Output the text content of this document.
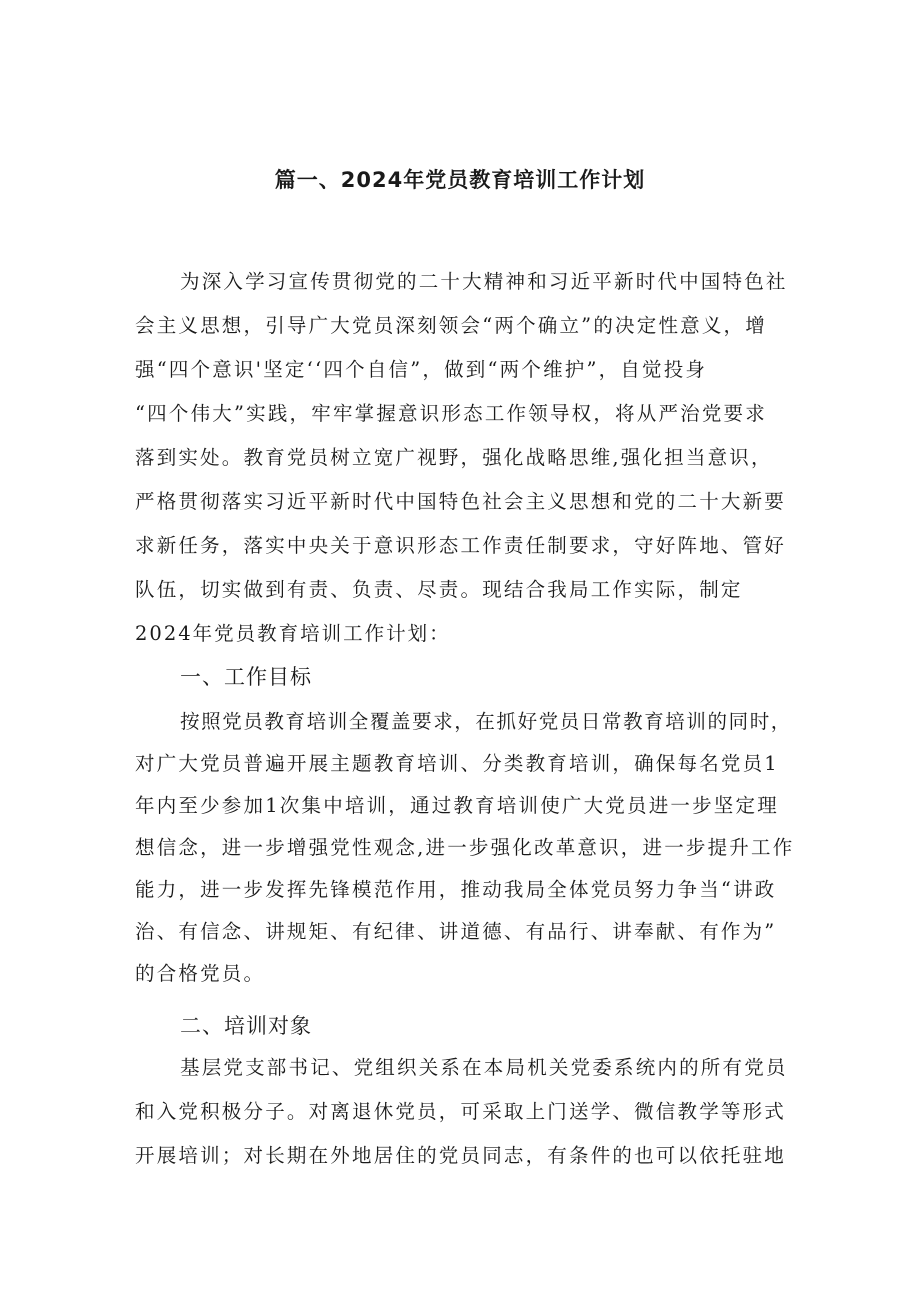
篇一、2024年党员教育培训工作计划
为深入学习宣传贯彻党的二十大精神和习近平新时代中国特色社
会主义思想，引导广大党员深刻领会“两个确立”的决定性意义，增
强“四个意识'坚定‘‘四个自信”，做到“两个维护”，自觉投身
“四个伟大”实践，牢牢掌握意识形态工作领导权，将从严治党要求
落到实处。教育党员树立宽广视野，强化战略思维,强化担当意识，
严格贯彻落实习近平新时代中国特色社会主义思想和党的二十大新要
求新任务，落实中央关于意识形态工作责任制要求，守好阵地、管好
队伍，切实做到有责、负责、尽责。现结合我局工作实际，制定
2024年党员教育培训工作计划：
一、工作目标
按照党员教育培训全覆盖要求，在抓好党员日常教育培训的同时，
对广大党员普遍开展主题教育培训、分类教育培训，确保每名党员1
年内至少参加1次集中培训，通过教育培训使广大党员进一步坚定理
想信念，进一步增强党性观念,进一步强化改革意识，进一步提升工作
能力，进一步发挥先锋模范作用，推动我局全体党员努力争当“讲政
治、有信念、讲规矩、有纪律、讲道德、有品行、讲奉献、有作为”
的合格党员。
二、培训对象
基层党支部书记、党组织关系在本局机关党委系统内的所有党员
和入党积极分子。对离退休党员，可采取上门送学、微信教学等形式
开展培训；对长期在外地居住的党员同志，有条件的也可以依托驻地
